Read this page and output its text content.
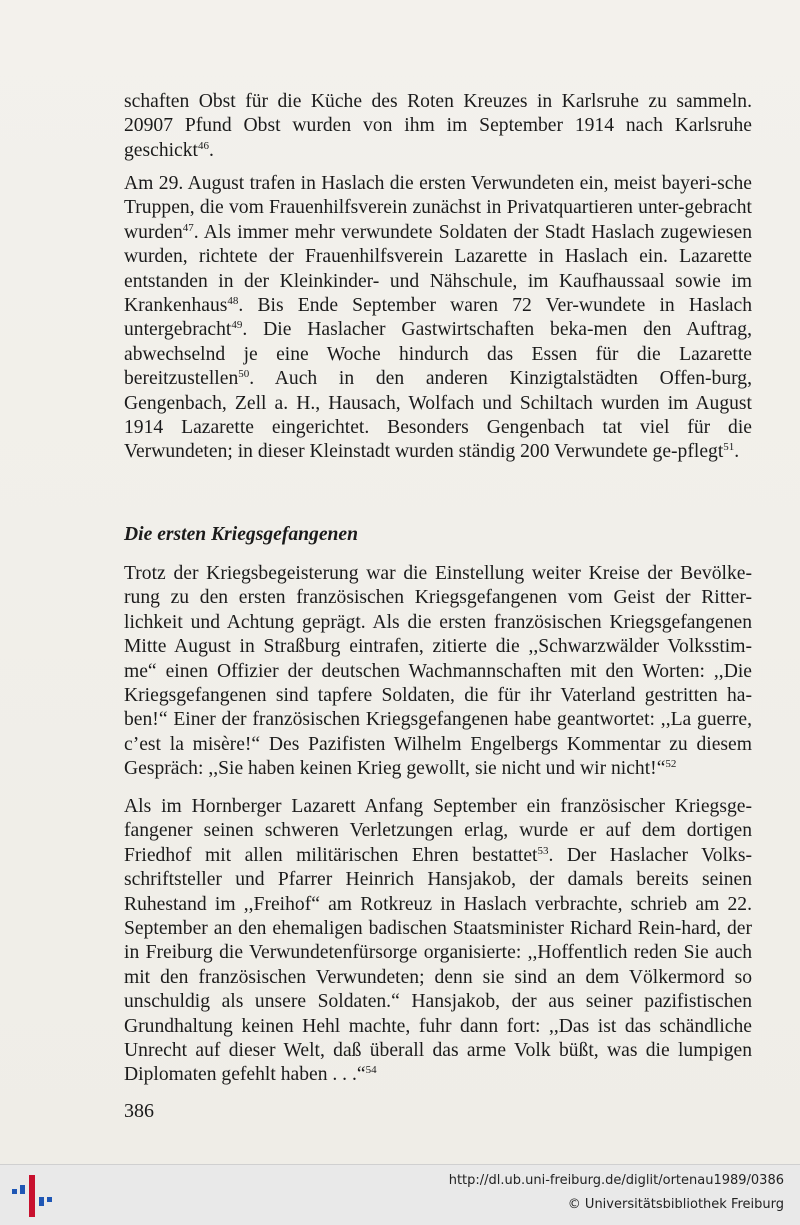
schaften Obst für die Küche des Roten Kreuzes in Karlsruhe zu sammeln. 20907 Pfund Obst wurden von ihm im September 1914 nach Karlsruhe geschickt$^{46}$.
Am 29. August trafen in Haslach die ersten Verwundeten ein, meist bayeri-sche Truppen, die vom Frauenhilfsverein zunächst in Privatquartieren unter-gebracht wurden$^{47}$. Als immer mehr verwundete Soldaten der Stadt Haslach zugewiesen wurden, richtete der Frauenhilfsverein Lazarette in Haslach ein. Lazarette entstanden in der Kleinkinder- und Nähschule, im Kaufhaussaal sowie im Krankenhaus$^{48}$. Bis Ende September waren 72 Ver-wundete in Haslach untergebracht$^{49}$. Die Haslacher Gastwirtschaften beka-men den Auftrag, abwechselnd je eine Woche hindurch das Essen für die Lazarette bereitzustellen$^{50}$. Auch in den anderen Kinzigtalstädten Offen-burg, Gengenbach, Zell a. H., Hausach, Wolfach und Schiltach wurden im August 1914 Lazarette eingerichtet. Besonders Gengenbach tat viel für die Verwundeten; in dieser Kleinstadt wurden ständig 200 Verwundete ge-pflegt$^{51}$.
Die ersten Kriegsgefangenen
Trotz der Kriegsbegeisterung war die Einstellung weiter Kreise der Bevölke-rung zu den ersten französischen Kriegsgefangenen vom Geist der Ritter-lichkeit und Achtung geprägt. Als die ersten französischen Kriegsgefangenen Mitte August in Straßburg eintrafen, zitierte die ,,Schwarzwälder Volksstim-me“ einen Offizier der deutschen Wachmannschaften mit den Worten: ,,Die Kriegsgefangenen sind tapfere Soldaten, die für ihr Vaterland gestritten ha-ben!“ Einer der französischen Kriegsgefangenen habe geantwortet: ,,La guerre, c’est la misère!“ Des Pazifisten Wilhelm Engelbergs Kommentar zu diesem Gespräch: ,,Sie haben keinen Krieg gewollt, sie nicht und wir nicht!“$^{52}$
Als im Hornberger Lazarett Anfang September ein französischer Kriegsge-fangener seinen schweren Verletzungen erlag, wurde er auf dem dortigen Friedhof mit allen militärischen Ehren bestattet$^{53}$. Der Haslacher Volks-schriftsteller und Pfarrer Heinrich Hansjakob, der damals bereits seinen Ruhestand im ,,Freihof“ am Rotkreuz in Haslach verbrachte, schrieb am 22. September an den ehemaligen badischen Staatsminister Richard Rein-hard, der in Freiburg die Verwundetenfürsorge organisierte: ,,Hoffentlich reden Sie auch mit den französischen Verwundeten; denn sie sind an dem Völkermord so unschuldig als unsere Soldaten.“ Hansjakob, der aus seiner pazifistischen Grundhaltung keinen Hehl machte, fuhr dann fort: ,,Das ist das schändliche Unrecht auf dieser Welt, daß überall das arme Volk büßt, was die lumpigen Diplomaten gefehlt haben . . .“$^{54}$
386
http://dl.ub.uni-freiburg.de/diglit/ortenau1989/0386
© Universitätsbibliothek Freiburg
